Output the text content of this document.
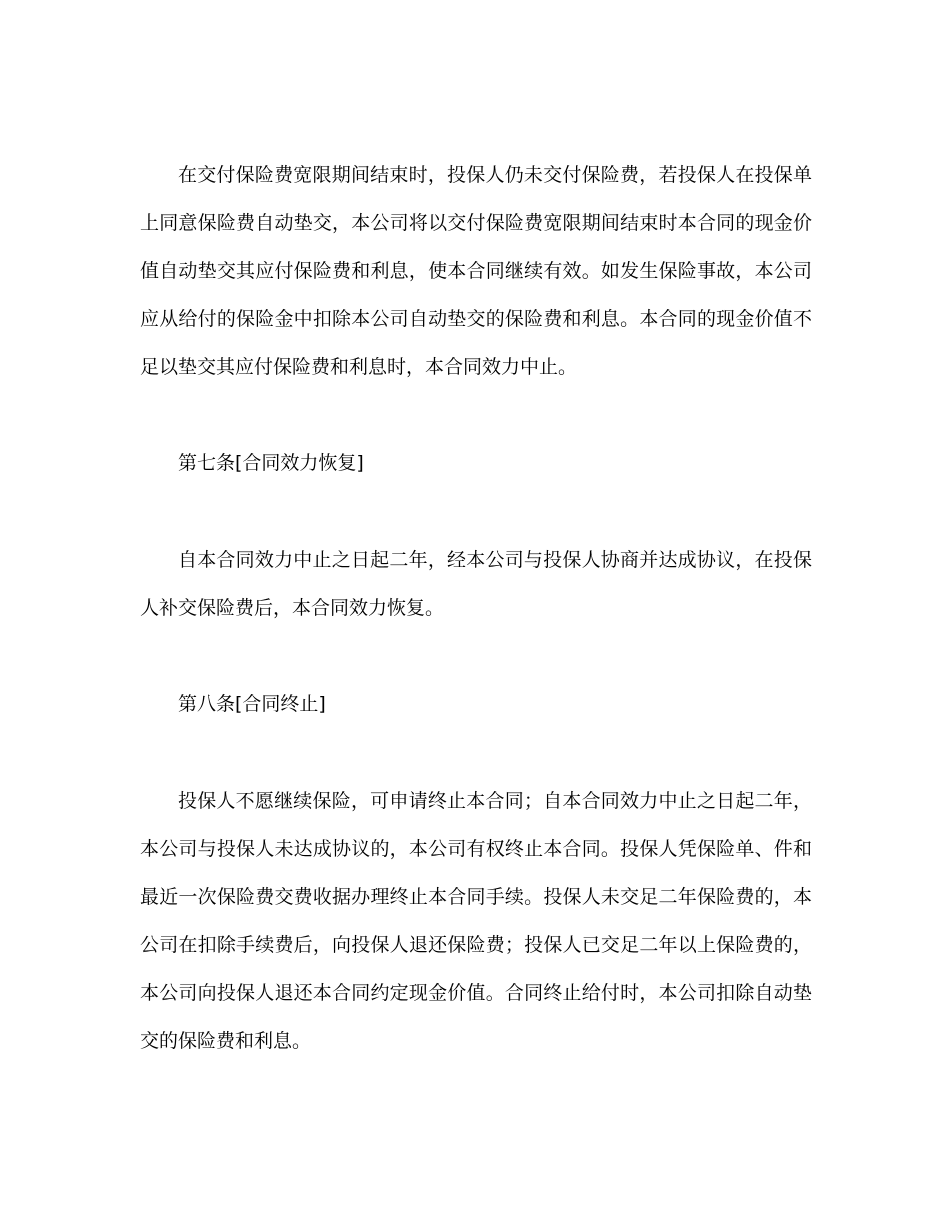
在交付保险费宽限期间结束时，投保人仍未交付保险费，若投保人在投保单上同意保险费自动垫交，本公司将以交付保险费宽限期间结束时本合同的现金价值自动垫交其应付保险费和利息，使本合同继续有效。如发生保险事故，本公司应从给付的保险金中扣除本公司自动垫交的保险费和利息。本合同的现金价值不足以垫交其应付保险费和利息时，本合同效力中止。

第七条[合同效力恢复]

自本合同效力中止之日起二年，经本公司与投保人协商并达成协议，在投保人补交保险费后，本合同效力恢复。

第八条[合同终止]

投保人不愿继续保险，可申请终止本合同；自本合同效力中止之日起二年，本公司与投保人未达成协议的，本公司有权终止本合同。投保人凭保险单、件和最近一次保险费交费收据办理终止本合同手续。投保人未交足二年保险费的，本公司在扣除手续费后，向投保人退还保险费；投保人已交足二年以上保险费的，本公司向投保人退还本合同约定现金价值。合同终止给付时，本公司扣除自动垫交的保险费和利息。
